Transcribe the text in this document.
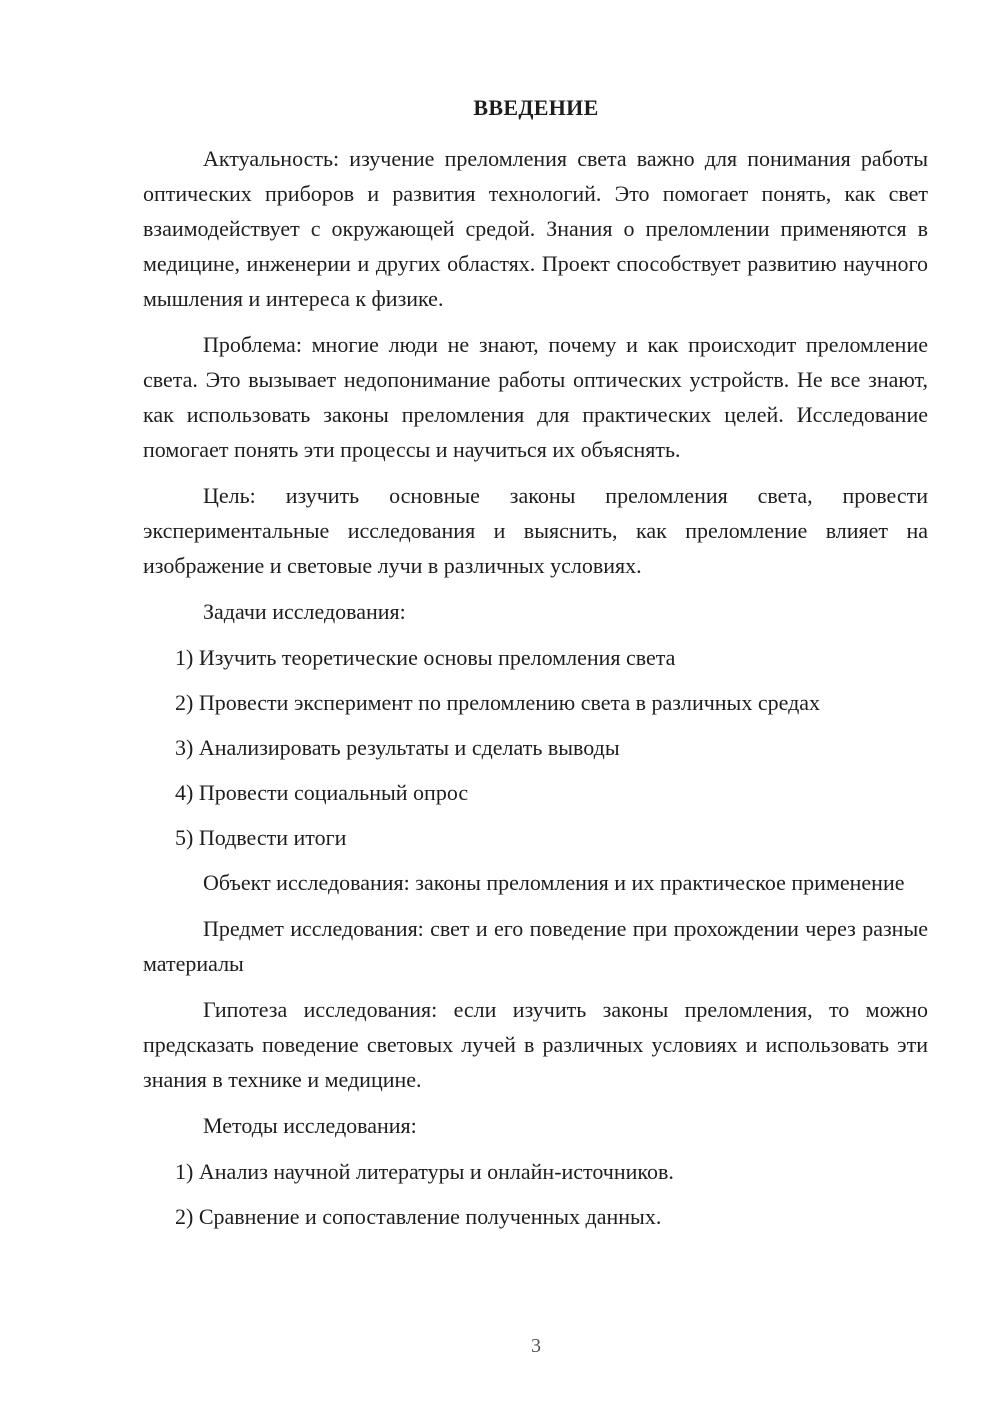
ВВЕДЕНИЕ

Актуальность: изучение преломления света важно для понимания работы оптических приборов и развития технологий. Это помогает понять, как свет взаимодействует с окружающей средой. Знания о преломлении применяются в медицине, инженерии и других областях. Проект способствует развитию научного мышления и интереса к физике.

Проблема: многие люди не знают, почему и как происходит преломление света. Это вызывает недопонимание работы оптических устройств. Не все знают, как использовать законы преломления для практических целей. Исследование помогает понять эти процессы и научиться их объяснять.

Цель: изучить основные законы преломления света, провести экспериментальные исследования и выяснить, как преломление влияет на изображение и световые лучи в различных условиях.

Задачи исследования:

1) Изучить теоретические основы преломления света
2) Провести эксперимент по преломлению света в различных средах
3) Анализировать результаты и сделать выводы
4) Провести социальный опрос
5) Подвести итоги

Объект исследования: законы преломления и их практическое применение

Предмет исследования: свет и его поведение при прохождении через разные материалы

Гипотеза исследования: если изучить законы преломления, то можно предсказать поведение световых лучей в различных условиях и использовать эти знания в технике и медицине.

Методы исследования:

1) Анализ научной литературы и онлайн-источников.
2) Сравнение и сопоставление полученных данных.
3
